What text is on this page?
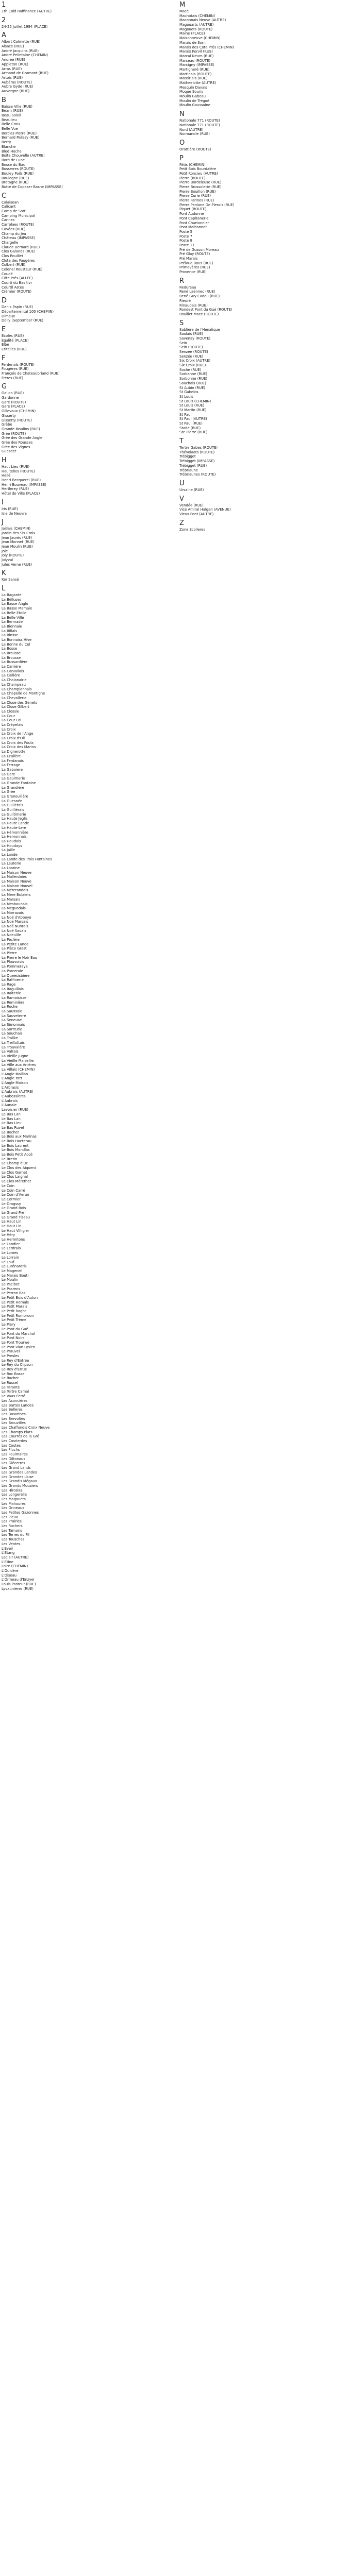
1
1th Cold Raffinance (AUTRE)
2
24-25 Juillet 1994 (PLACE)
A
Albert Calmette (RUE)
Alsace (RUE)
André Jacquins (RUE)
André Pelletaine (CHEMIN)
Andrée (RUE)
Appleton (RUE)
Arras (RUE)
Armand de Gramont (RUE)
Artois (RUE)
Aubéras (ROUTE)
Aubre Gyde (RUE)
Auvergne (RUE)
B
Baisse Ville (RUE)
Béarn (RUE)
Beau Soleil
Beaulieu
Belle Croix
Belle Vue
Bercles Pierre (RUE)
Bernard Palissy (RUE)
Berry
Blanche
Bled Hoche
Boîte Chouvelle (AUTRE)
Bord de Lune
Bosse du Bac
Bosserres (ROUTE)
Bouley Pails (RUE)
Boulogne (RUE)
Bretagne (RUE)
Butte de Copaser Basne (IMPASSE)
C
Calaisean
Calicant
Camp de Sort
Camping Municipal
Cannes
Carrolaes (ROUTE)
Cavées (RUE)
Champ du Jeu
Château (IMPASSE)
Chargelle
Claude Bernard (RUE)
Clos Galands (RUE)
Clos Rouillet
Clote des Faugères
Colbert (RUE)
Colonel Rousteur (RUE)
Coudé
Côte Prés (ALLÉE)
Courti du Bas tivr
Courtil Astes
Crémier (ROUTE)
D
Denis Papin (RUE)
Départemental 100 (CHEMIN)
Dimeux
Dolly (September (RUE)
E
Écoles (RUE)
Égalité (PLACE)
Elbe
Eritelles (RUE)
F
Ferdenals (ROUTE)
Fougères (RUE)
François de Chateaubriand (RUE)
Fréres (RUE)
G
Galion (RUE)
Gardonne
Gare (ROUTE)
Gare (PLACE)
Gillevaux (CHEMIN)
Gisserty
Gisserty (ROUTE)
Grèbe
Grande Moulins (RUE)
Grée (ROUTE)
Grée des Grande Angle
Grée des Rousses
Grée des Vignes
Guesdet
H
Haut Lieu (RUE)
Haultelles (ROUTE)
Hellé
Henri Becquerel (RUE)
Henri Bouveau (IMPASSE)
Hertlerey (RUE)
Hôtel de Ville (PLACE)
I
Iris (RUE)
Isle de Neuvre
J
Jaillais (CHEMIN)
Jardin des Six Croix
Jean Jaurès (RUE)
Jean Monnet (RUE)
Jean Moulin (RUE)
Joie
Joly (ROUTE)
Jolyval
Jules Verne (RUE)
K
Ker Sansé
L
La Bagarde
La Bélluses
La Basse Anglo
La Basse Mamaie
La Belle Etoile
La Belle Ville
La Bermade
La Biennaie
La Billais
La Binsse
La Bonnaiss Hive
La Bonne du Cul
La Bosse
La Brousse
La Brousse
La Bussardière
La Carrière
La Carvallais
La Caillère
La Chalanairie
La Champeau
La Championnais
La Chapelle de Montigne
La Chevallerie
La Close des Genets
La Close Gilbert
La Clossie
La Cour
La Cour Loi
La Crépelais
La Croix
La Croix de l'Ange
La Croix d'Oll
La Croix des Foulx
La Croix des Marins
La Dignerotte
La Écullère
La Ferdanais
La Ferrage
La Gaboiere
La Gere
La Gaulmerie
La Grande Fontaine
La Grandière
La Grée
La Grenouillère
La Guesnée
La Guillerais
La Guillièrais
La Guiltimerie
La Haute Jeglis
La Haute Lande
La Haute-Lere
La Hérvonnière
La Hervonnais
La Houdais
La Houdays
La Jaille
La Lande
La Lande des Trois Fontaines
La Leuterie
La Loraine
La Maison Neuve
La Mallerdaies
La Maison Neuve
La Maison Nouvel
La Mércrandais
La Mere Bulaiers
La Marsais
La Mesbaunais
La Meguodais
La Morrazais
La Noë d'Abbeye
La Noë Marsais
La Noë Nunrais
La Noë Savais
La Noeuille
La Peclère
La Petite Lande
La Pièce Grast
La Pierre
La Pierre le Noir Eau
La Plouvoisis
La Pommeraye
La Porceraie
La Queesisbière
La Raffinerie
La Rage
La Raguillais
La Raïtenie
La Ramaisisse
La Reminière
La Roche
La Saussaie
La Sauveterre
La Seneuse
La Simonnais
La Sortrurie
La Souchais
La Trallke
La Treillottais
La Trouvalère
La Valrais
La Vieille Jugne
La Vieille Maisellie
La Ville aux Anières
La Villais (CHEMIN)
L'Angle Maillan
L'Angle Yatt
L'Angle Maison
L'Arbrasis
L'Aubrais (AUTRE)
L'Aubossières
L'Aubrais
L'Aunaie
Lavoisier (RUE)
Le Bas Lan
Le Bas Lan
Le Bas Lieu
Le Bas Ruvel
Le Bocher
Le Bois aux Marinas
Le Bois Haeterau
Le Bois Laurent
Le Bois Mondlas
Le Bois Petit Accé
Le Bretin
Le Champ d'Or
Le Clos des Aiqueni
Le Clos Garnet
Le Clos Laignal
Le Clos Mérethet
Le Coin
Le Coin Carré
Le Coin d'Aerun
Le Cormier
Le Dragssy
Le Grand Bois
Le Grand Pré
Le Grand Tiseau
Le Haut Lin
Le Haut Lin
Le Haut Villigier
Le Héry
Le Hermitons
Le Landier
Le Lerdrais
Le Lomes
Le Lorrain
Le Louf
Le Lurénardris
Le Magenel
Le Marais Bouti
Le Moulin
Le Pacibet
Le Pasrens
Le Perron Bas
Le Petit Bois d'Auton
Le Petit Hemals
Le Petit Marais
Le Petit Raght
Le Petit Rombruon
Le Petit Trème
Le Piery
Le Pont du Gué
Le Pont du Marchal
Le Pont Noirr
Le Pont Trourwe
Le Pont Vian Lysien
Le Prauvel
Le Presles
Le Rey d'Entrée
Le Rey du Clipson
Le Rey d'Errue
Le Roc Bosse
Le Rocher
Le Russel
Le Tarante
Le Tertre Camai
Le Vaux Ferré
Les Asoncières
Les Bartes Landes
Les Belleres
Les Bosarines
Les Brevoltes
Les Brouvilles
Les Chaffondis Croix Neuve
Les Champs Plats
Les Courrés de la Gré
Les Cosrierdes
Les Coutes
Les Fluchs
Les Foulmaires
Les Giltonaux
Les Glécerres
Les Grand Lands
Les Grandes Landes
Les Grandes Liuse
Les Grandis Mégaux
Les Grands Mousiers
Les Hiroslas
Les Longerelle
Les Magouets
Les Mahoures
Les Onneaux
Les Petites Gazonnes
Les Pieux
Les Prairies
Les Rochers
Les Tamaris
Les Terres du Fil
Les Tousches
Les Ventes
L'Eveil
L'Étang
Leclair (AUTRE)
L'Etine
Loire (CHEMIN)
L'Ouidère
L'Oiseau
L'Ormeau d'Enzyer
Louis Pasteur (RUE)
Lyvaunières (RUE)
M
Macé
Machotais (CHEMIN)
Maconnais Neuve (AUTRE)
Magouarts (AUTRE)
Magouets (ROUTE)
Maine (PLACE)
Maisonneuve (CHEMIN)
Marais de Sorn
Marais des Cote Prés (CHEMIN)
Marais Kervil (RUE)
Marcai Neum (RUE)
Marceau (ROUTE)
Marcigny (IMPASSE)
Martigneré (RUE)
Martinais (ROUTE)
Mateiriais (RUE)
Matheelotte (AUTRE)
Mesquin Davais
Moque Souris
Moulin Gabeau
Moulin de Trégué
Moulin Gaussaine
N
Nationale 771 (ROUTE)
Nationale 771 (ROUTE)
Nord (AUTRE)
Normandie (RUE)
O
Orattière (ROUTE)
P
Pâtis (CHEMIN)
Petit Bois Bourdalère
Petit Roncieu (AUTRE)
Pierre (ROUTE)
Pierre Bordeleuse (RUE)
Pierre Brossolette (RUE)
Pierre Bouillon (RUE)
Pierre Curie (RUE)
Pierre Farines (RUE)
Pierre Panlane De Plessis (RUE)
Piquet (ROUTE)
Pont Audonne
Pont Capitanerie
Pont Chartonnier
Pont Malhonnet
Poste 5
Poste 7
Poste 8
Poste 11
Pré de Gusson Moreau
Pré Glay (ROUTE)
Pré Marais
Prélaue Bous (RUE)
Primevères (RUE)
Provence (RUE)
R
Redureau
René Laënnec (RUE)
René Guy Cadou (RUE)
Rieuré
Rinaudais (RUE)
Rondest Pont du Gué (ROUTE)
Rouillet Mace (ROUTE)
S
Sablière de l'Hénalique
Saulais (RUE)
Savenay (ROUTE)
Sein
Sein (ROUTE)
Senzée (ROUTE)
Senzée (RUE)
Six Croix (AUTRE)
Six Croix (RUE)
Soche (RUE)
Sorbanne (RUE)
Sorbonne (RUE)
Souchais (RUE)
St Aubin (RUE)
St Gabelos
St Louis
St Louis (CHEMIN)
St Louis (RUE)
St Martin (RUE)
St Paul
St Paul (AUTRE)
St Paul (RUE)
Stade (RUE)
Ste Pierre (RUE)
T
Tertre Gabes (ROUTE)
Thévolaats (ROUTE)
Trébigget
Trébigget (IMPASSE)
Trébigget (RUE)
Trébriaune
Trébriaunes (ROUTE)
U
Ursaine (RUE)
V
Vendée (RUE)
Vice Amiral Halgan (AVENUE)
Vieux Pont (AUTRE)
Z
Zone Ecolleres
